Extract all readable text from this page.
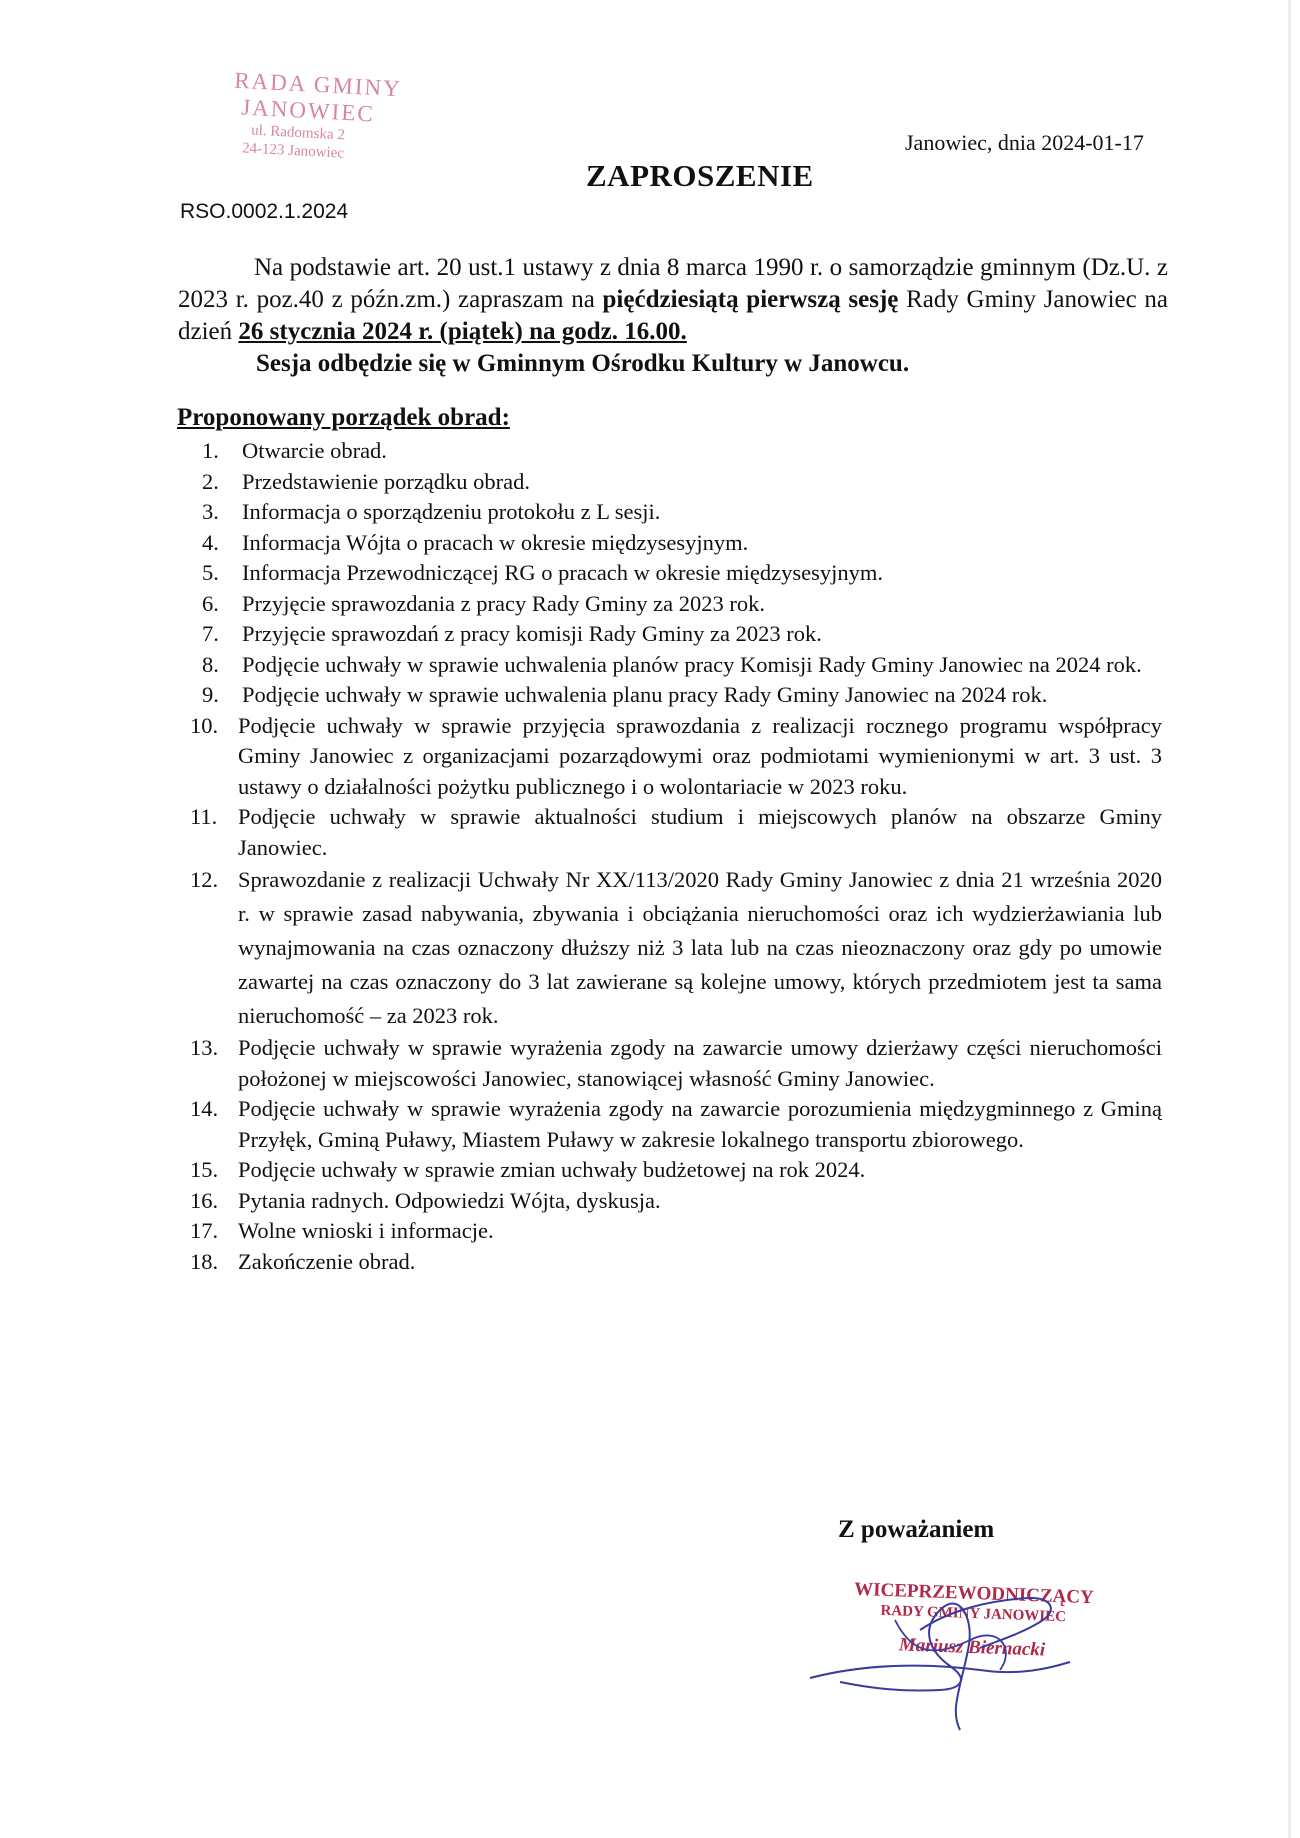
RADA GMINY
JANOWIEC
ul. Radomska 2
24-123 Janowiec	Janowiec, dnia 2024-01-17
ZAPROSZENIE
RSO.0002.1.2024

Na podstawie art. 20 ust.1 ustawy z dnia 8 marca 1990 r. o samorządzie gminnym (Dz.U. z 2023 r. poz.40 z późn.zm.) zapraszam na pięćdziesiątą pierwszą sesję Rady Gminy Janowiec na dzień 26 stycznia 2024 r. (piątek) na godz. 16.00.

Sesja odbędzie się w Gminnym Ośrodku Kultury w Janowcu.
Proponowany porządek obrad:
1. Otwarcie obrad.
2. Przedstawienie porządku obrad.
3. Informacja o sporządzeniu protokołu z L sesji.
4. Informacja Wójta o pracach w okresie międzysesyjnym.
5. Informacja Przewodniczącej RG o pracach w okresie międzysesyjnym.
6. Przyjęcie sprawozdania z pracy Rady Gminy za 2023 rok.
7. Przyjęcie sprawozdań z pracy komisji Rady Gminy za 2023 rok.
8. Podjęcie uchwały w sprawie uchwalenia planów pracy Komisji Rady Gminy Janowiec na 2024 rok.
9. Podjęcie uchwały w sprawie uchwalenia planu pracy Rady Gminy Janowiec na 2024 rok.
10. Podjęcie uchwały w sprawie przyjęcia sprawozdania z realizacji rocznego programu współpracy Gminy Janowiec z organizacjami pozarządowymi oraz podmiotami wymienionymi w art. 3 ust. 3 ustawy o działalności pożytku publicznego i o wolontariacie w 2023 roku.
11. Podjęcie uchwały w sprawie aktualności studium i miejscowych planów na obszarze Gminy Janowiec.
12. Sprawozdanie z realizacji Uchwały Nr XX/113/2020 Rady Gminy Janowiec z dnia 21 września 2020 r. w sprawie zasad nabywania, zbywania i obciążania nieruchomości oraz ich wydzierżawiania lub wynajmowania na czas oznaczony dłuższy niż 3 lata lub na czas nieoznaczony oraz gdy po umowie zawartej na czas oznaczony do 3 lat zawierane są kolejne umowy, których przedmiotem jest ta sama nieruchomość – za 2023 rok.
13. Podjęcie uchwały w sprawie wyrażenia zgody na zawarcie umowy dzierżawy części nieruchomości położonej w miejscowości Janowiec, stanowiącej własność Gminy Janowiec.
14. Podjęcie uchwały w sprawie wyrażenia zgody na zawarcie porozumienia międzygminnego z Gminą Przyłęk, Gminą Puławy, Miastem Puławy w zakresie lokalnego transportu zbiorowego.
15. Podjęcie uchwały w sprawie zmian uchwały budżetowej na rok 2024.
16. Pytania radnych. Odpowiedzi Wójta, dyskusja.
17. Wolne wnioski i informacje.
18. Zakończenie obrad.
Z poważaniem
WICEPRZEWODNICZĄCY
RADY GMINY JANOWIEC
Mariusz Biernacki
